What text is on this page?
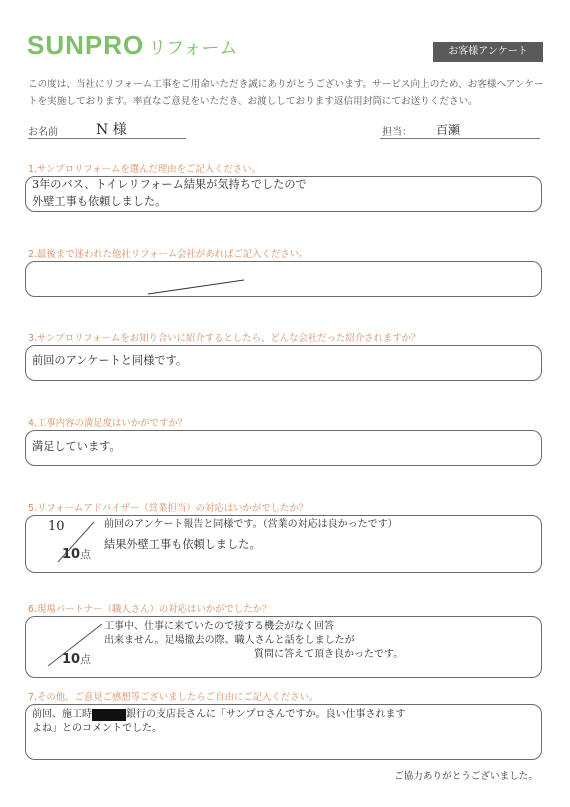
SUNPRO リフォーム	お客様アンケート
この度は、当社にリフォーム工事をご用命いただき誠にありがとうございます。サービス向上のため、お客様へアンケートを実施しております。率直なご意見をいただき、お渡ししております返信用封筒にてお送りください。
お名前	N 様	担当： 百瀬
1.サンプロリフォームを選んだ理由をご記入ください。
3年のバス、トイレリフォーム結果が気持ちでしたので
外壁工事も依頼しました。
2.最後まで迷われた他社リフォーム会社があればご記入ください。
3.サンプロリフォームをお知り合いに紹介するとしたら、どんな会社だった紹介されますか？
前回のアンケートと同様です。
4.工事内容の満足度はいかがですか？
満足しています。
5.リフォームアドバイザー（営業担当）の対応はいかがでしたか？
10
10点
前回のアンケート報告と同様です。（営業の対応は良かったです）
結果外壁工事も依頼しました。
6.現場パートナー（職人さん）の対応はいかがでしたか？
10点
工事中、仕事に来ていたので接する機会がなく回答
出来ません。足場撤去の際、職人さんと話をしましたが
質問に答えて頂き良かったです。
7.その他、ご意見ご感想等ございましたらご自由にご記入ください。
前回、施工時	銀行の支店長さんに「サンプロさんですか。良い仕事されます
よね」とのコメントでした。
ご協力ありがとうございました。
